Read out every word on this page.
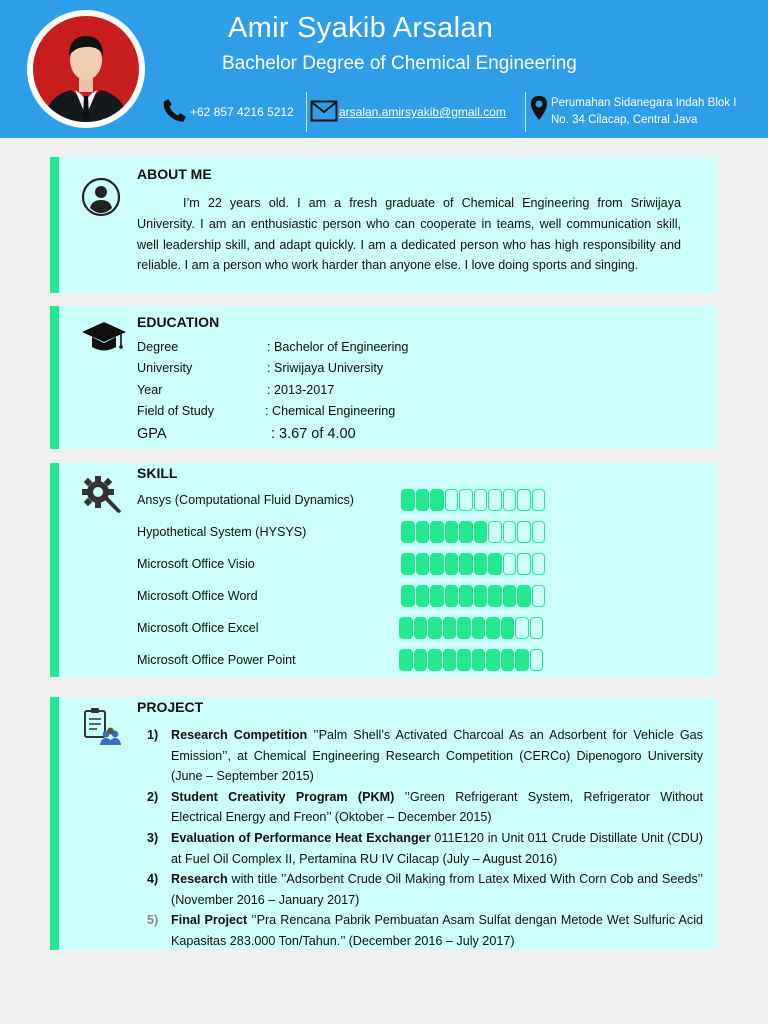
Amir Syakib Arsalan
Bachelor Degree of Chemical Engineering
+62 857 4216 5212	arsalan.amirsyakib@gmail.com
Perumahan Sidanegara Indah Blok I
No. 34 Cilacap, Central Java
ABOUT ME
I’m 22 years old. I am a fresh graduate of Chemical Engineering from Sriwijaya University. I am an enthusiastic person who can cooperate in teams, well communication skill, well leadership skill, and adapt quickly. I am a dedicated person who has high responsibility and reliable. I am a person who work harder than anyone else. I love doing sports and singing.
EDUCATION
Degree	: Bachelor of Engineering
University	: Sriwijaya University
Year	: 2013-2017
Field of Study	: Chemical Engineering
GPA	: 3.67 of 4.00
SKILL
Ansys (Computational Fluid Dynamics)
Hypothetical System (HYSYS)
Microsoft Office Visio
Microsoft Office Word
Microsoft Office Excel
Microsoft Office Power Point
PROJECT
1) Research Competition ’’Palm Shell’s Activated Charcoal As an Adsorbent for Vehicle Gas Emission’’, at Chemical Engineering Research Competition (CERCo) Dipenogoro University (June – September 2015)
2) Student Creativity Program (PKM) ’’Green Refrigerant System, Refrigerator Without Electrical Energy and Freon’’ (Oktober – December 2015)
3) Evaluation of Performance Heat Exchanger 011E120 in Unit 011 Crude Distillate Unit (CDU) at Fuel Oil Complex II, Pertamina RU IV Cilacap (July – August 2016)
4) Research with title ’’Adsorbent Crude Oil Making from Latex Mixed With Corn Cob and Seeds’’ (November 2016 – January 2017)
5) Final Project ’’Pra Rencana Pabrik Pembuatan Asam Sulfat dengan Metode Wet Sulfuric Acid Kapasitas 283.000 Ton/Tahun.’’ (December 2016 – July 2017)
